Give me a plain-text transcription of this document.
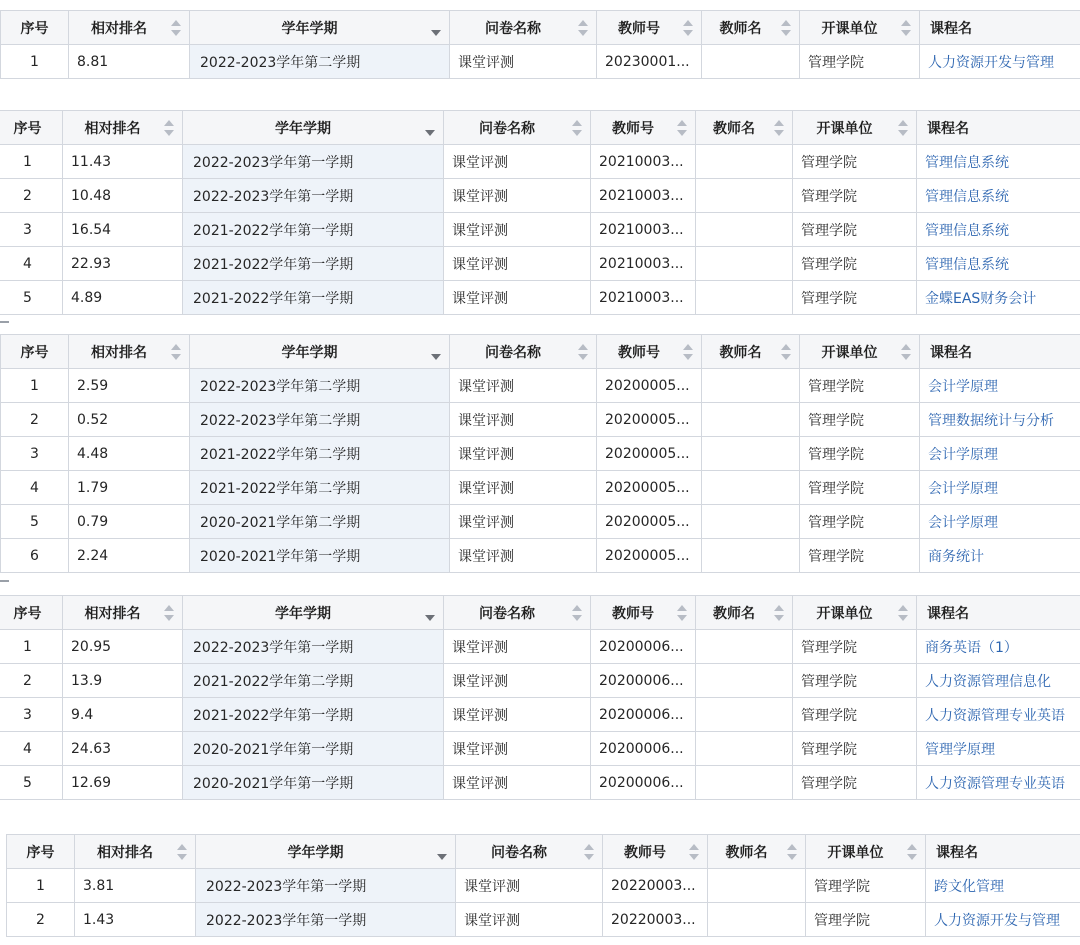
序号	相对排名	学年学期	问卷名称	教师号	教师名	开课单位	课程名
1	8.81	2022-2023学年第二学期	课堂评测	20230001...		管理学院	人力资源开发与管理
序号	相对排名	学年学期	问卷名称	教师号	教师名	开课单位	课程名
1	11.43	2022-2023学年第一学期	课堂评测	20210003...		管理学院	管理信息系统
2	10.48	2022-2023学年第一学期	课堂评测	20210003...		管理学院	管理信息系统
3	16.54	2021-2022学年第一学期	课堂评测	20210003...		管理学院	管理信息系统
4	22.93	2021-2022学年第一学期	课堂评测	20210003...		管理学院	管理信息系统
5	4.89	2021-2022学年第一学期	课堂评测	20210003...		管理学院	金蝶EAS财务会计
序号	相对排名	学年学期	问卷名称	教师号	教师名	开课单位	课程名
1	2.59	2022-2023学年第二学期	课堂评测	20200005...		管理学院	会计学原理
2	0.52	2022-2023学年第二学期	课堂评测	20200005...		管理学院	管理数据统计与分析
3	4.48	2021-2022学年第二学期	课堂评测	20200005...		管理学院	会计学原理
4	1.79	2021-2022学年第二学期	课堂评测	20200005...		管理学院	会计学原理
5	0.79	2020-2021学年第二学期	课堂评测	20200005...		管理学院	会计学原理
6	2.24	2020-2021学年第一学期	课堂评测	20200005...		管理学院	商务统计
序号	相对排名	学年学期	问卷名称	教师号	教师名	开课单位	课程名
1	20.95	2022-2023学年第一学期	课堂评测	20200006...		管理学院	商务英语（1）
2	13.9	2021-2022学年第二学期	课堂评测	20200006...		管理学院	人力资源管理信息化
3	9.4	2021-2022学年第一学期	课堂评测	20200006...		管理学院	人力资源管理专业英语
4	24.63	2020-2021学年第一学期	课堂评测	20200006...		管理学院	管理学原理
5	12.69	2020-2021学年第一学期	课堂评测	20200006...		管理学院	人力资源管理专业英语
序号	相对排名	学年学期	问卷名称	教师号	教师名	开课单位	课程名
1	3.81	2022-2023学年第一学期	课堂评测	20220003...		管理学院	跨文化管理
2	1.43	2022-2023学年第一学期	课堂评测	20220003...		管理学院	人力资源开发与管理
